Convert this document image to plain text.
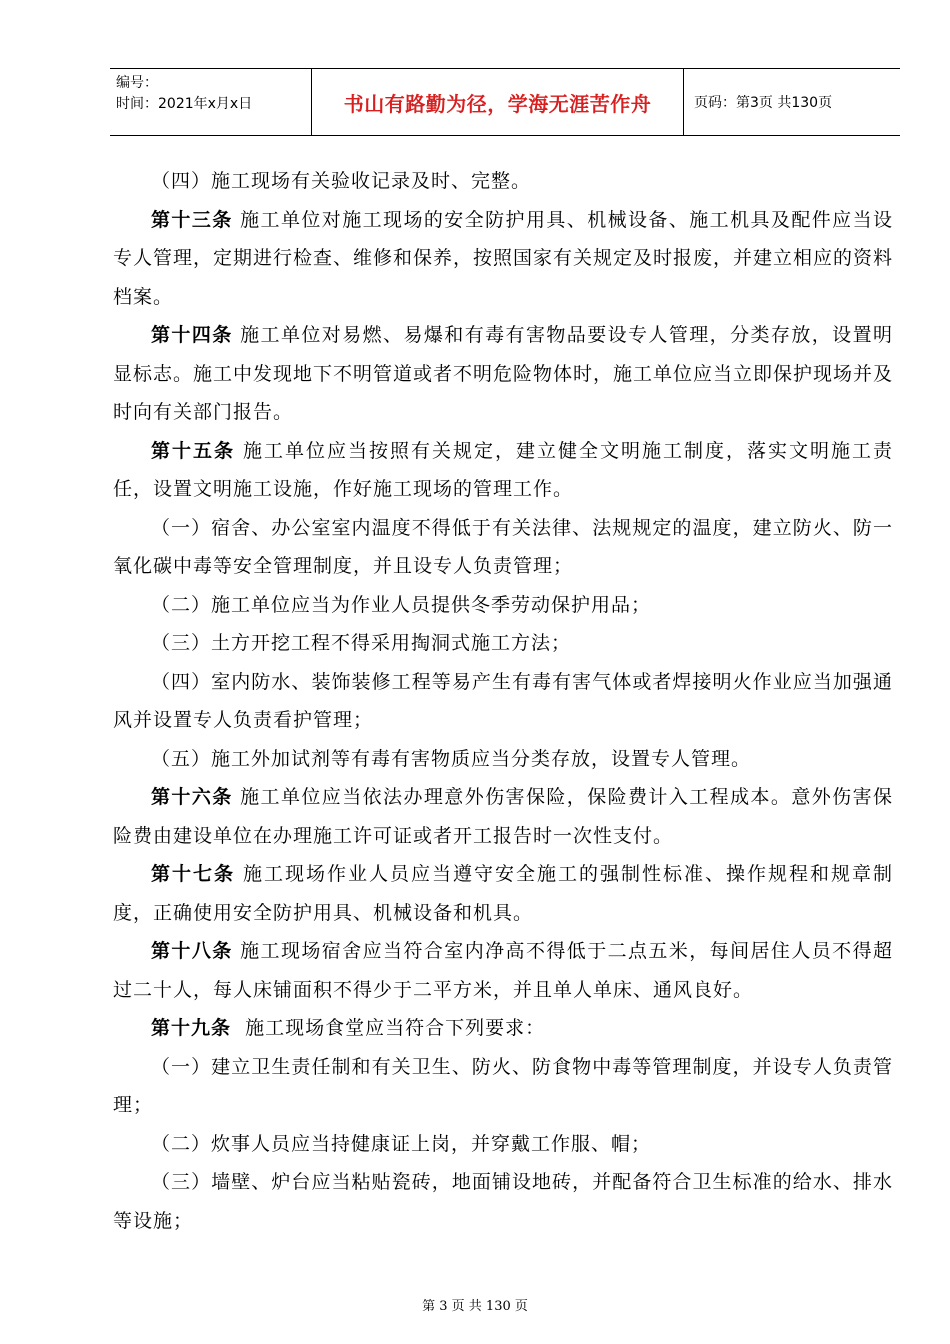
编号：
时间：2021年x月x日	书山有路勤为径，学海无涯苦作舟	页码：第3页 共130页

（四）施工现场有关验收记录及时、完整。

第十三条 施工单位对施工现场的安全防护用具、机械设备、施工机具及配件应当设专人管理，定期进行检查、维修和保养，按照国家有关规定及时报废，并建立相应的资料档案。

第十四条 施工单位对易燃、易爆和有毒有害物品要设专人管理，分类存放，设置明显标志。施工中发现地下不明管道或者不明危险物体时，施工单位应当立即保护现场并及时向有关部门报告。

第十五条 施工单位应当按照有关规定，建立健全文明施工制度，落实文明施工责任，设置文明施工设施，作好施工现场的管理工作。

（一）宿舍、办公室室内温度不得低于有关法律、法规规定的温度，建立防火、防一氧化碳中毒等安全管理制度，并且设专人负责管理；

（二）施工单位应当为作业人员提供冬季劳动保护用品；

（三）土方开挖工程不得采用掏洞式施工方法；

（四）室内防水、装饰装修工程等易产生有毒有害气体或者焊接明火作业应当加强通风并设置专人负责看护管理；

（五）施工外加试剂等有毒有害物质应当分类存放，设置专人管理。

第十六条 施工单位应当依法办理意外伤害保险，保险费计入工程成本。意外伤害保险费由建设单位在办理施工许可证或者开工报告时一次性支付。

第十七条 施工现场作业人员应当遵守安全施工的强制性标准、操作规程和规章制度，正确使用安全防护用具、机械设备和机具。

第十八条 施工现场宿舍应当符合室内净高不得低于二点五米，每间居住人员不得超过二十人，每人床铺面积不得少于二平方米，并且单人单床、通风良好。

第十九条  施工现场食堂应当符合下列要求：

（一）建立卫生责任制和有关卫生、防火、防食物中毒等管理制度，并设专人负责管理；

（二）炊事人员应当持健康证上岗，并穿戴工作服、帽；

（三）墙壁、炉台应当粘贴瓷砖，地面铺设地砖，并配备符合卫生标准的给水、排水等设施；

第 3 页 共 130 页
